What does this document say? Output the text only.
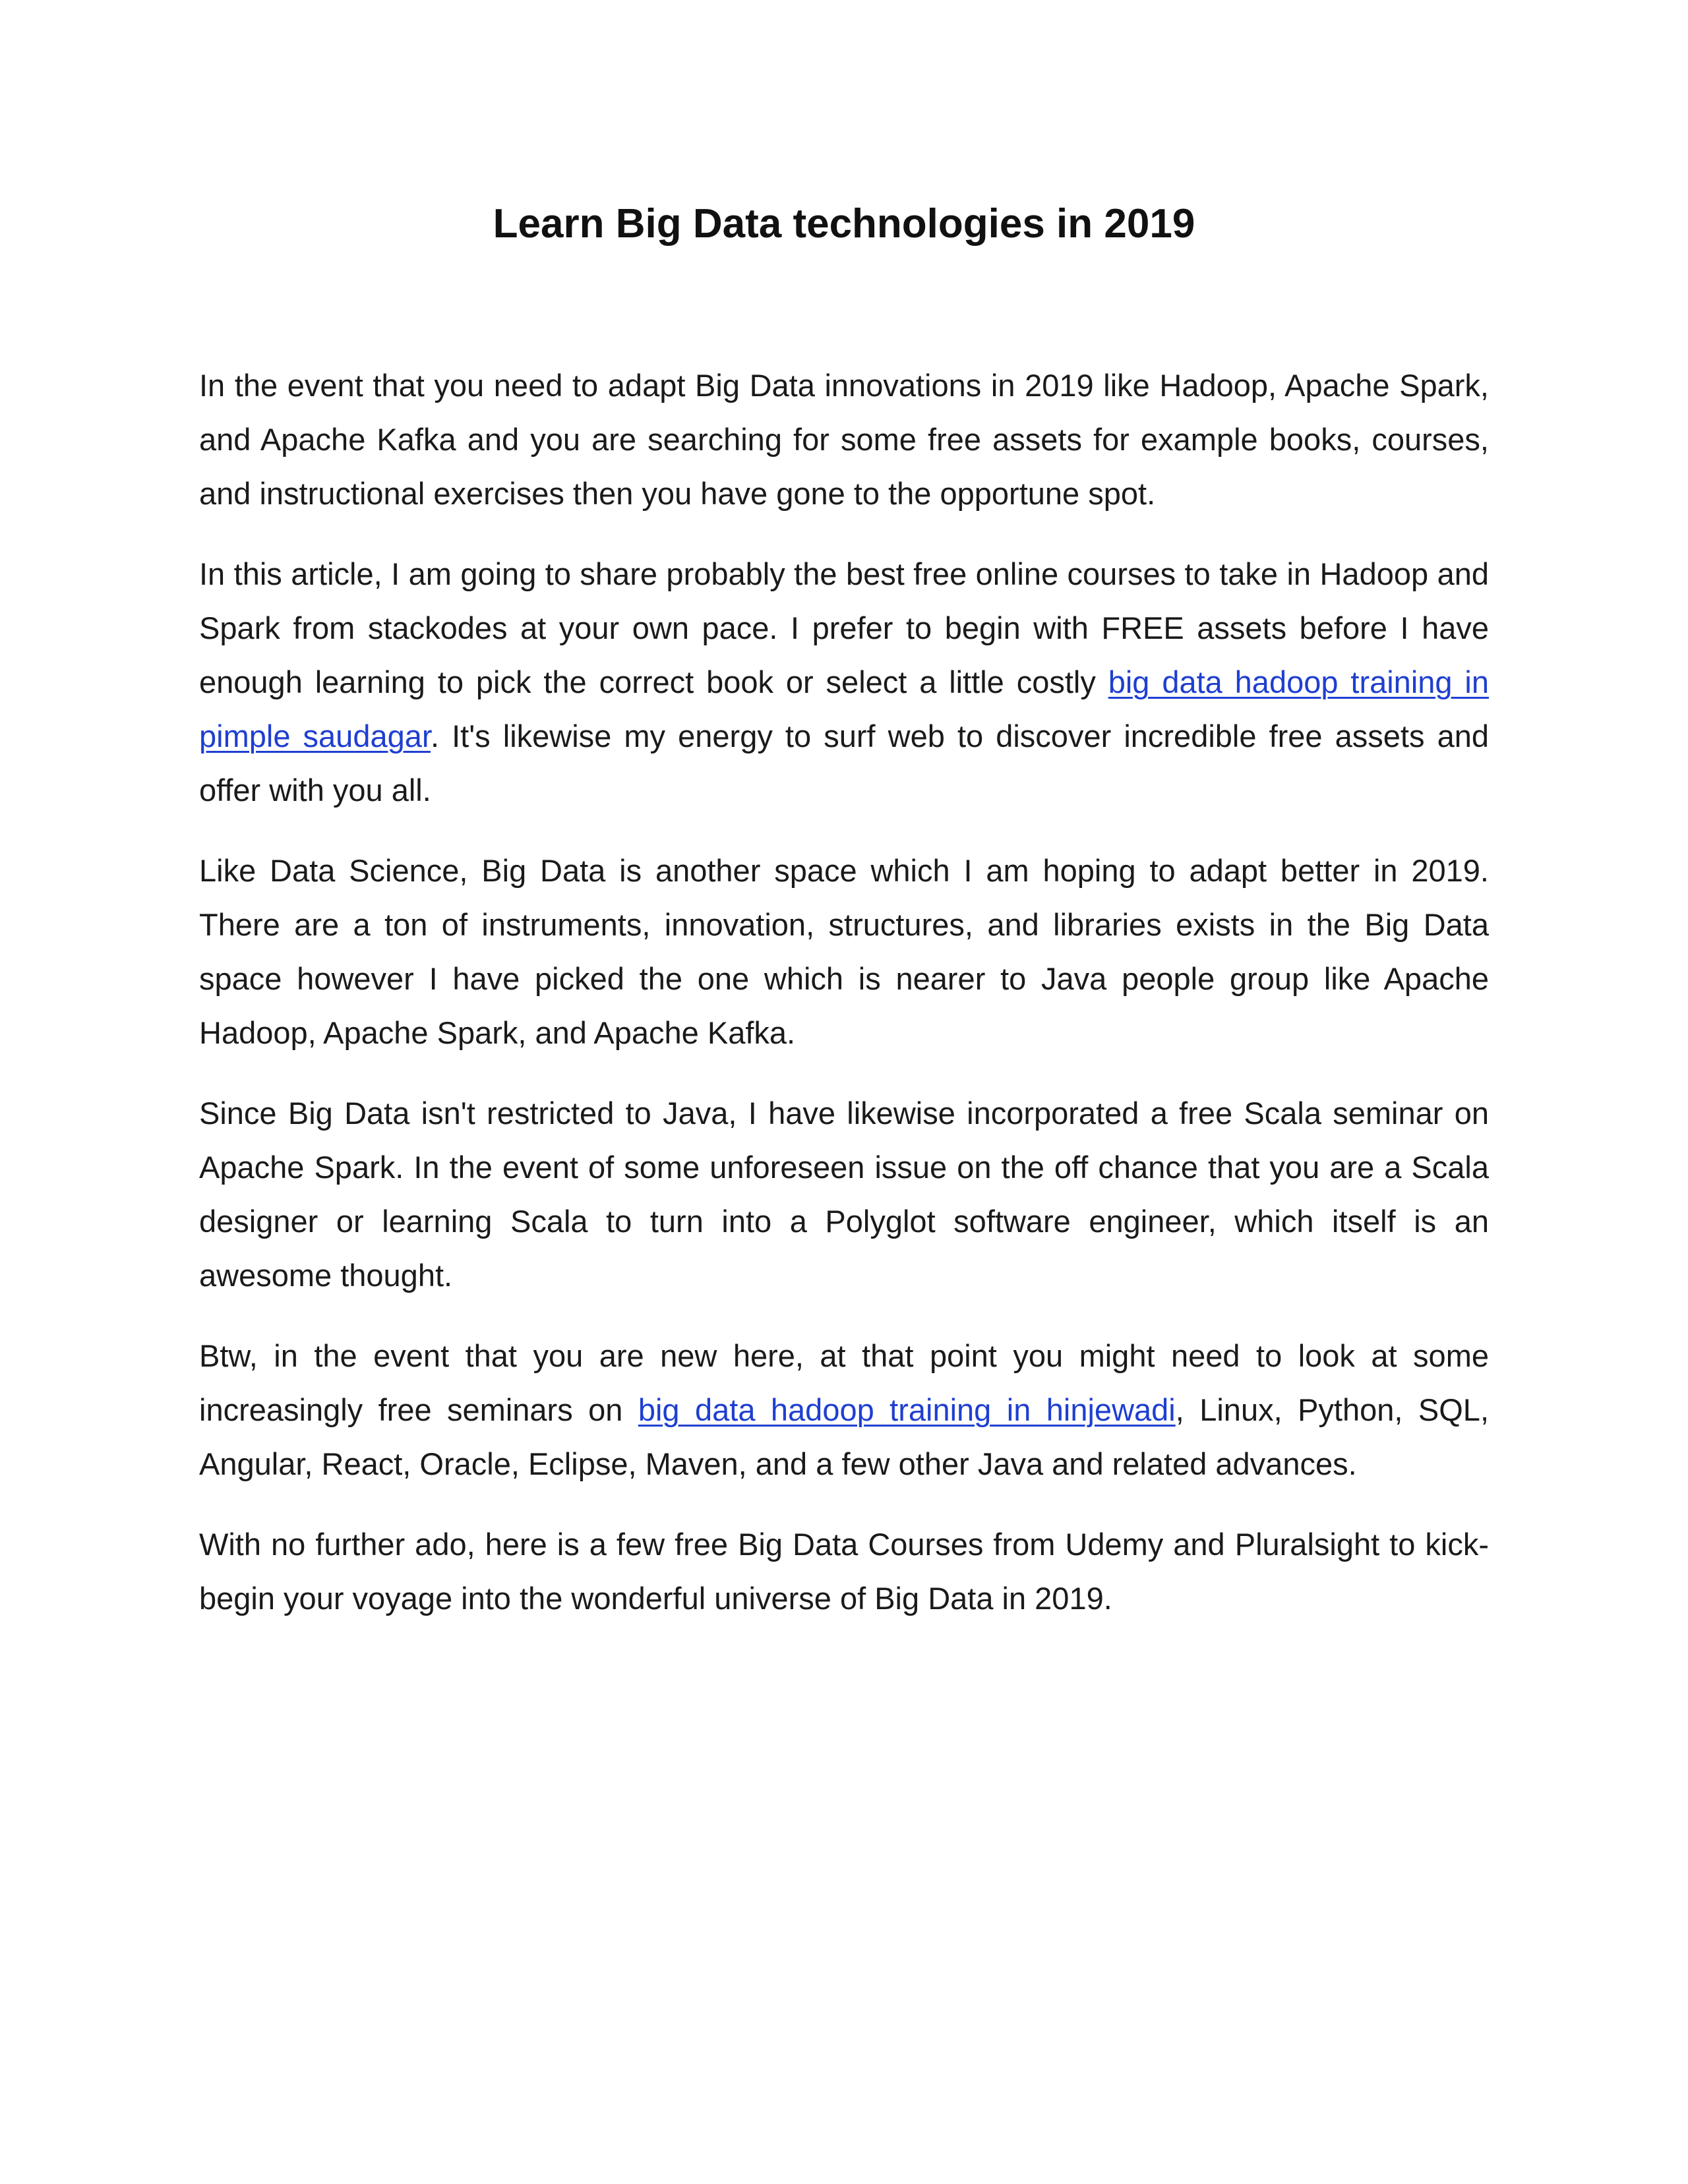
Learn Big Data technologies in 2019

In the event that you need to adapt Big Data innovations in 2019 like Hadoop, Apache Spark, and Apache Kafka and you are searching for some free assets for example books, courses, and instructional exercises then you have gone to the opportune spot.

In this article, I am going to share probably the best free online courses to take in Hadoop and Spark from stackodes at your own pace. I prefer to begin with FREE assets before I have enough learning to pick the correct book or select a little costly big data hadoop training in pimple saudagar. It's likewise my energy to surf web to discover incredible free assets and offer with you all.

Like Data Science, Big Data is another space which I am hoping to adapt better in 2019. There are a ton of instruments, innovation, structures, and libraries exists in the Big Data space however I have picked the one which is nearer to Java people group like Apache Hadoop, Apache Spark, and Apache Kafka.

Since Big Data isn't restricted to Java, I have likewise incorporated a free Scala seminar on Apache Spark. In the event of some unforeseen issue on the off chance that you are a Scala designer or learning Scala to turn into a Polyglot software engineer, which itself is an awesome thought.

Btw, in the event that you are new here, at that point you might need to look at some increasingly free seminars on big data hadoop training in hinjewadi, Linux, Python, SQL, Angular, React, Oracle, Eclipse, Maven, and a few other Java and related advances.

With no further ado, here is a few free Big Data Courses from Udemy and Pluralsight to kick-begin your voyage into the wonderful universe of Big Data in 2019.
